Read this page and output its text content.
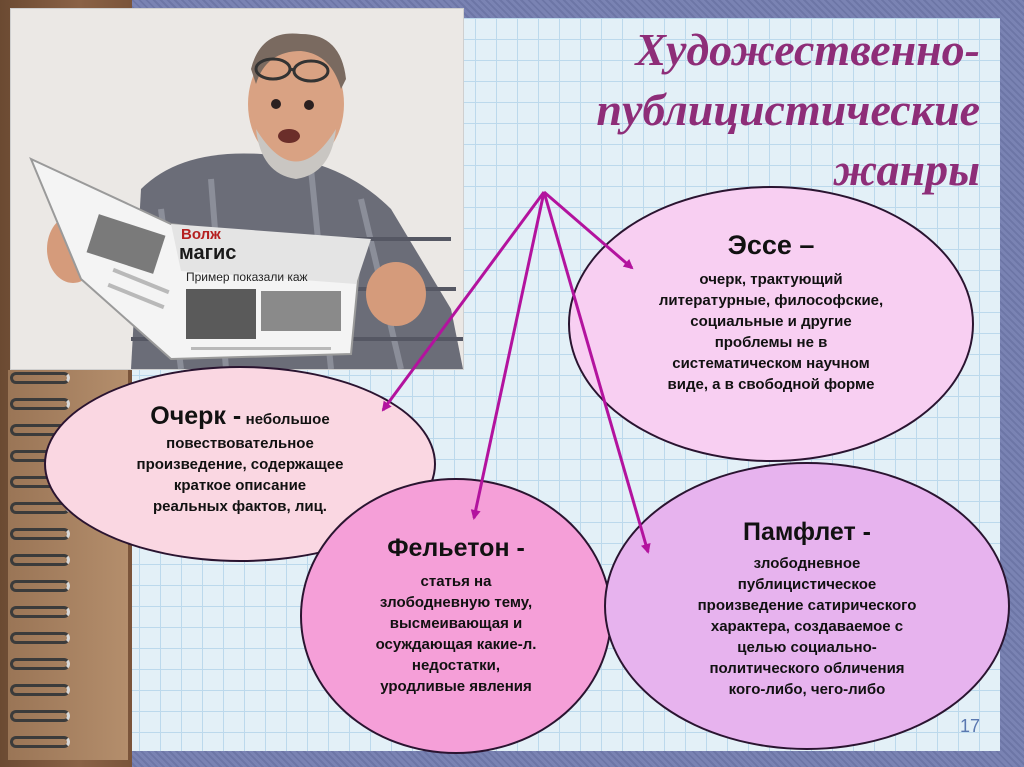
Волж
магис
Пример показали каж
Художественно-
публицистические
жанры
Эссе –
очерк, трактующий
литературные, философские,
социальные и другие
проблемы не в
систематическом научном
виде, а в свободной форме
Очерк - небольшое
повествовательное
произведение, содержащее
краткое описание
реальных фактов, лиц.
Фельетон -
статья на
злободневную тему,
высмеивающая и
осуждающая какие-л.
недостатки,
уродливые явления
Памфлет -
злободневное
публицистическое
произведение сатирического
характера, создаваемое с
целью социально-
политического обличения
кого-либо, чего-либо
17
